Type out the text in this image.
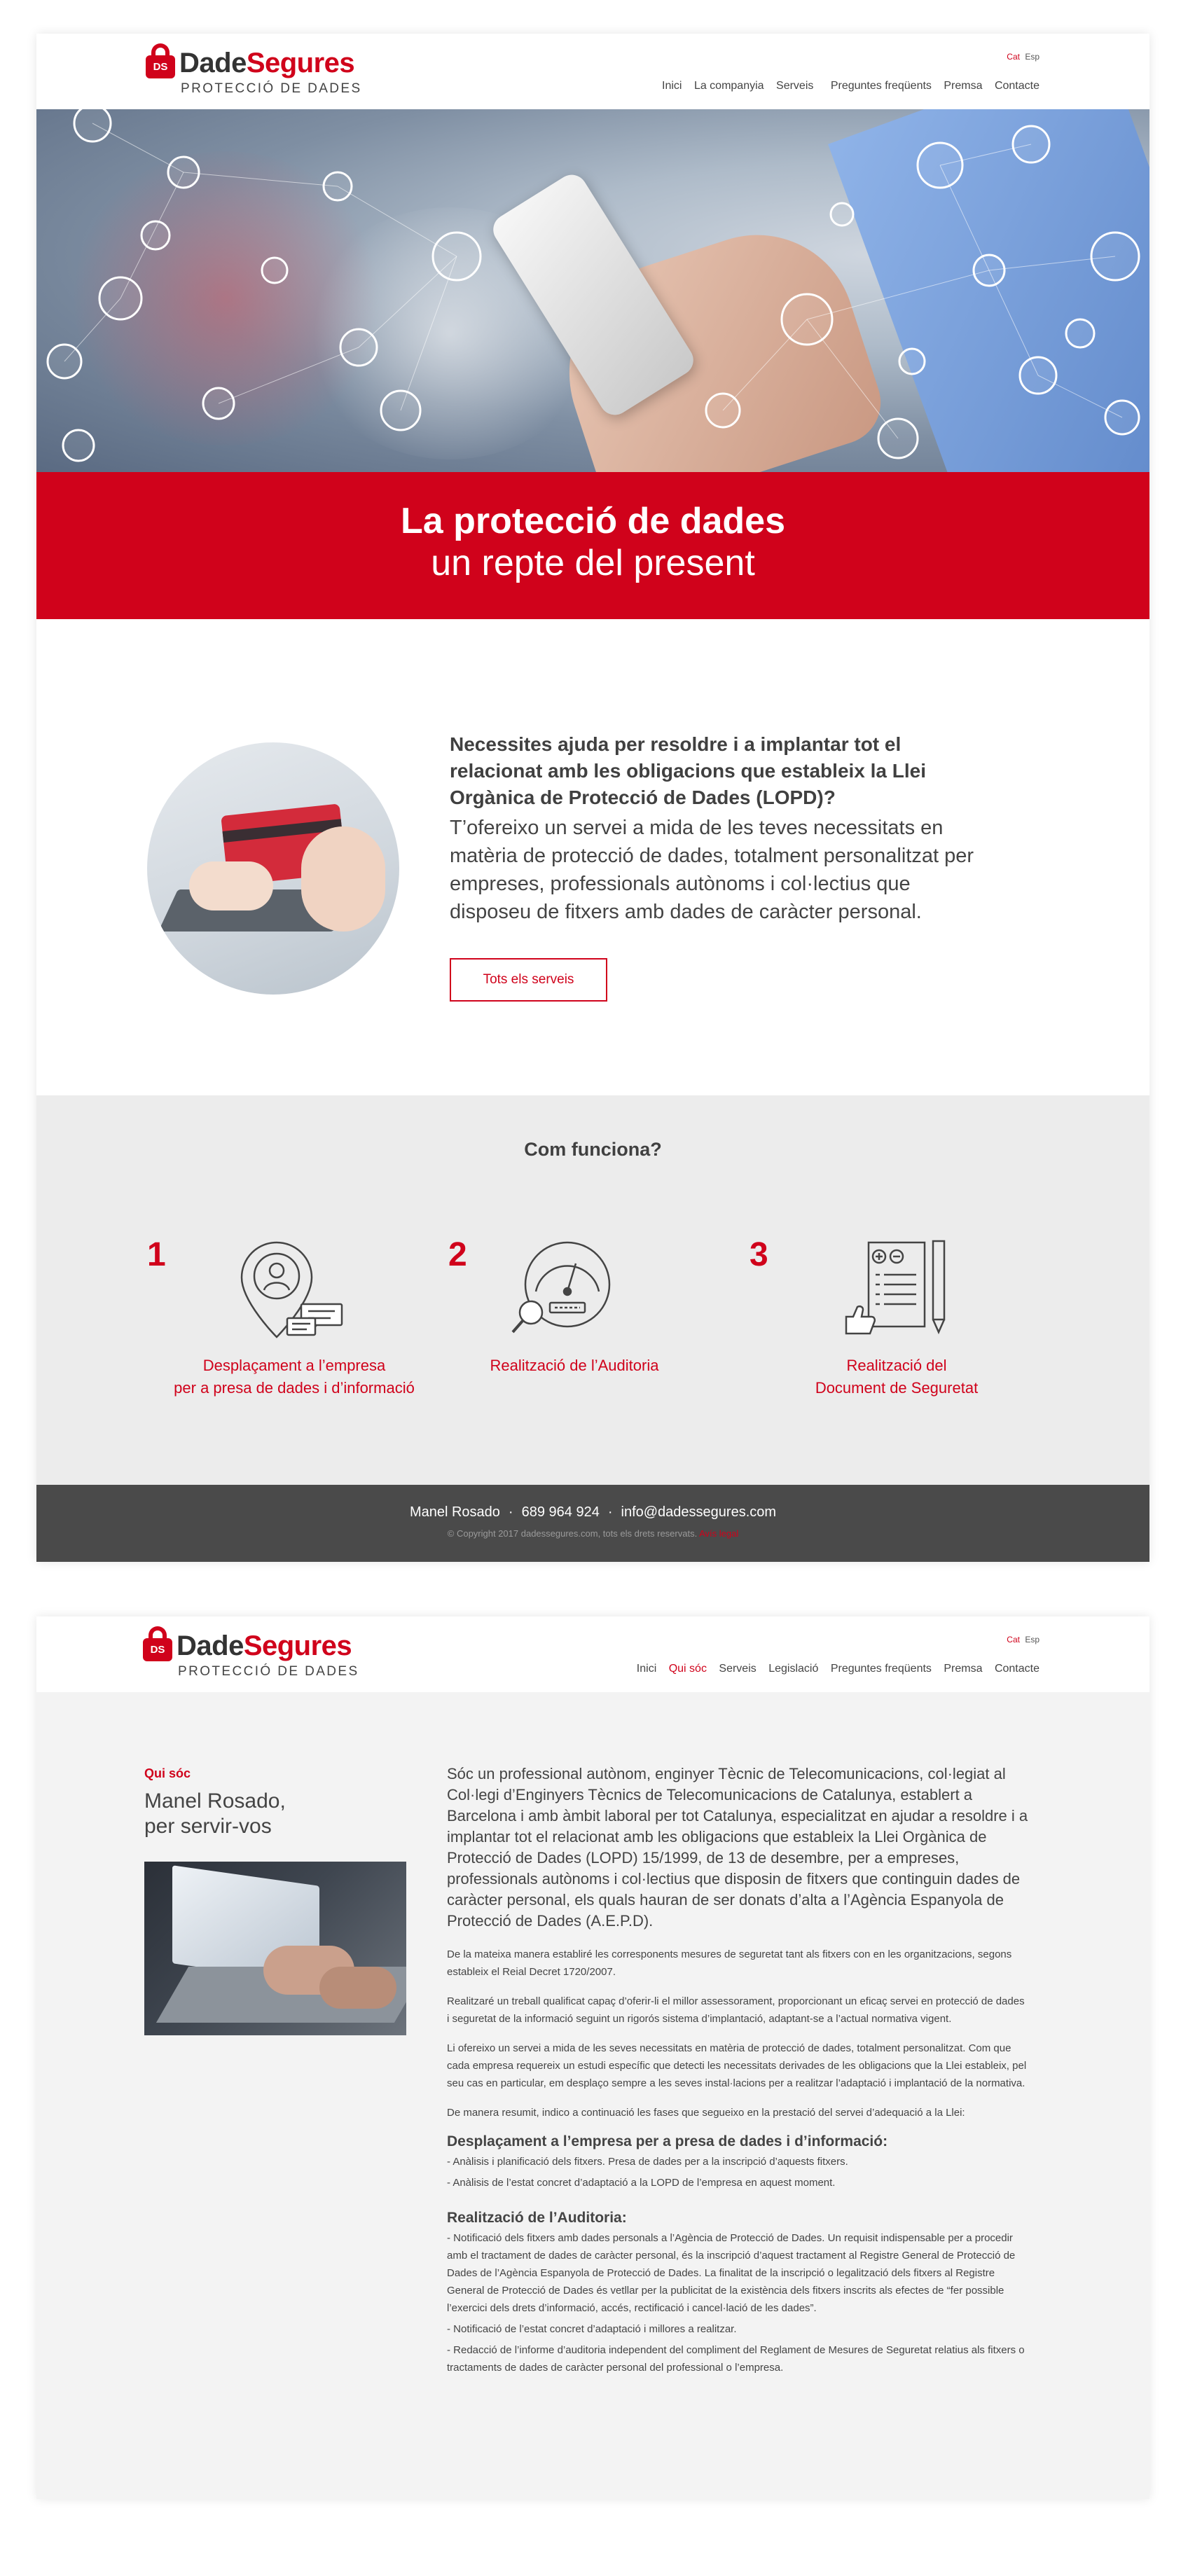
DS DadeSegures
PROTECCIÓ DE DADES
Cat Esp
Inici La companyia Serveis Preguntes freqüents Premsa Contacte
La protecció de dades
un repte del present
Necessites ajuda per resoldre i a implantar tot el relacionat amb les obligacions que estableix la Llei Orgànica de Protecció de Dades (LOPD)?
T’ofereixo un servei a mida de les teves necessitats en matèria de protecció de dades, totalment personalitzat per empreses, professionals autònoms i col·lectius que disposeu de fitxers amb dades de caràcter personal.
Tots els serveis
Com funciona?
1
Desplaçament a l’empresa
per a presa de dades i d’informació
2
Realització de l’Auditoria
3
Realització del
Document de Seguretat
Manel Rosado · 689 964 924 · info@dadessegures.com
© Copyright 2017 dadessegures.com, tots els drets reservats. Avís legal
DS DadeSegures
PROTECCIÓ DE DADES
Cat Esp
Inici Qui sóc Serveis Legislació Preguntes freqüents Premsa Contacte
Qui sóc
Manel Rosado,
per servir-vos
Sóc un professional autònom, enginyer Tècnic de Telecomunicacions, col·legiat al Col·legi d’Enginyers Tècnics de Telecomunicacions de Catalunya, establert a Barcelona i amb àmbit laboral per tot Catalunya, especialitzat en ajudar a resoldre i a implantar tot el relacionat amb les obligacions que estableix la Llei Orgànica de Protecció de Dades (LOPD) 15/1999, de 13 de desembre, per a empreses, professionals autònoms i col·lectius que disposin de fitxers que continguin dades de caràcter personal, els quals hauran de ser donats d’alta a l’Agència Espanyola de Protecció de Dades (A.E.P.D).
De la mateixa manera establiré les corresponents mesures de seguretat tant als fitxers con en les organitzacions, segons estableix el Reial Decret 1720/2007.
Realitzaré un treball qualificat capaç d’oferir-li el millor assessorament, proporcionant un eficaç servei en protecció de dades i seguretat de la informació seguint un rigorós sistema d’implantació, adaptant-se a l’actual normativa vigent.
Li ofereixo un servei a mida de les seves necessitats en matèria de protecció de dades, totalment personalitzat. Com que cada empresa requereix un estudi específic que detecti les necessitats derivades de les obligacions que la Llei estableix, pel seu cas en particular, em desplaço sempre a les seves instal·lacions per a realitzar l’adaptació i implantació de la normativa.
De manera resumit, indico a continuació les fases que segueixo en la prestació del servei d’adequació a la Llei:
Desplaçament a l’empresa per a presa de dades i d’informació:
- Anàlisis i planificació dels fitxers. Presa de dades per a la inscripció d’aquests fitxers.
- Anàlisis de l’estat concret d’adaptació a la LOPD de l’empresa en aquest moment.
Realització de l’Auditoria:
- Notificació dels fitxers amb dades personals a l’Agència de Protecció de Dades. Un requisit indispensable per a procedir amb el tractament de dades de caràcter personal, és la inscripció d’aquest tractament al Registre General de Protecció de Dades de l’Agència Espanyola de Protecció de Dades. La finalitat de la inscripció o legalització dels fitxers al Registre General de Protecció de Dades és vetllar per la publicitat de la existència dels fitxers inscrits als efectes de “fer possible l’exercici dels drets d’informació, accés, rectificació i cancel·lació de les dades”.
- Notificació de l’estat concret d’adaptació i millores a realitzar.
- Redacció de l’informe d’auditoria independent del compliment del Reglament de Mesures de Seguretat relatius als fitxers o tractaments de dades de caràcter personal del professional o l’empresa.
